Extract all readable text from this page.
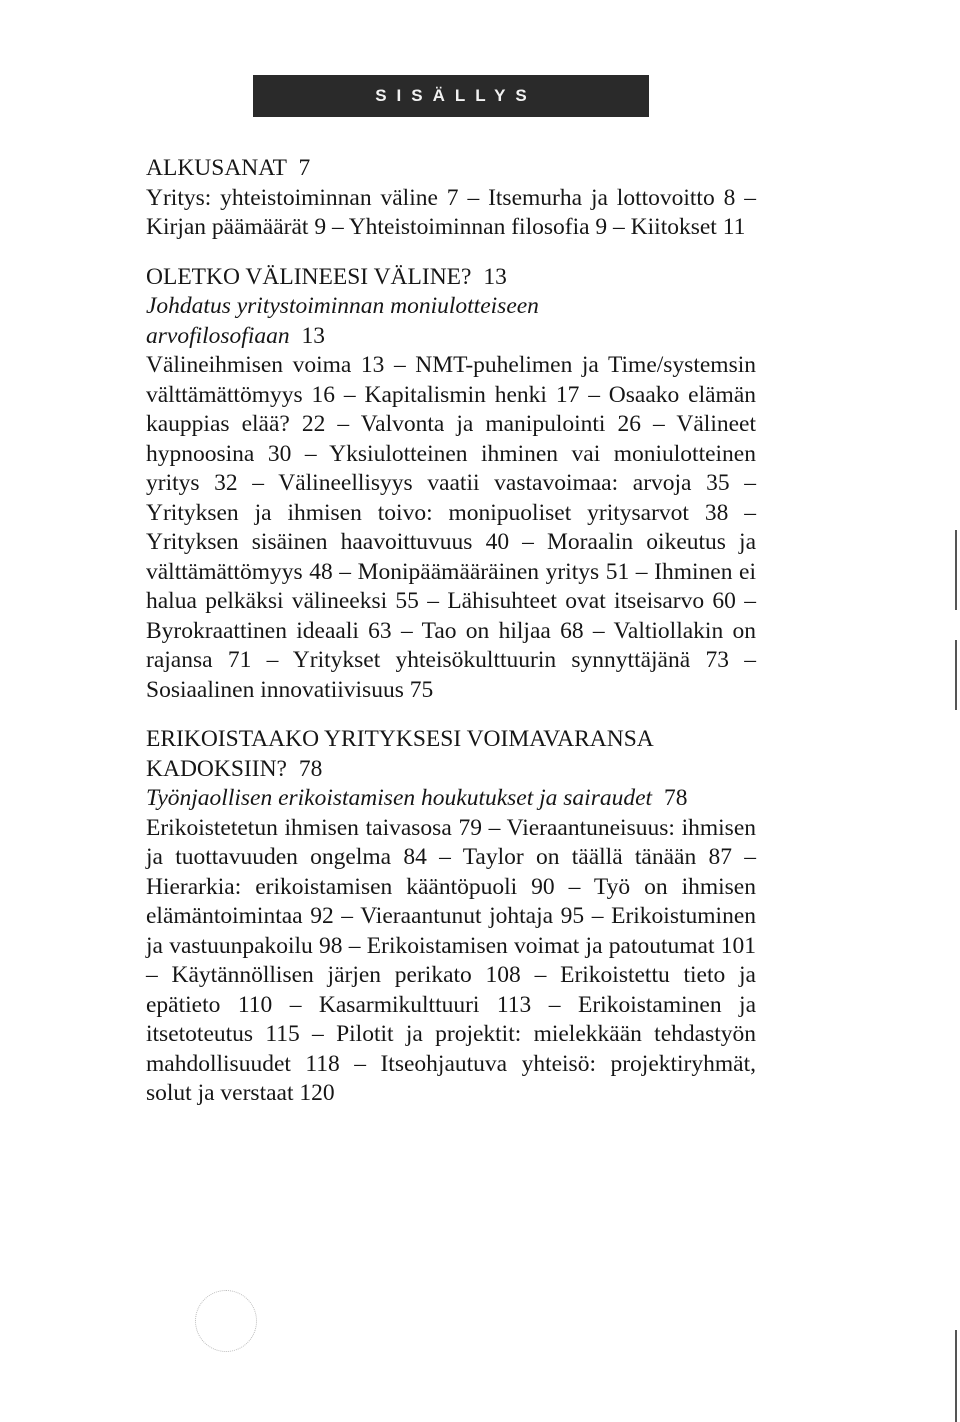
SISÄLLYS
ALKUSANAT 7
Yritys: yhteistoiminnan väline 7 – Itsemurha ja lottovoitto 8 – Kirjan päämäärät 9 – Yhteistoiminnan filosofia 9 – Kiitokset 11
OLETKO VÄLINEESI VÄLINE? 13
Johdatus yritystoiminnan moniulotteiseen arvofilosofiaan 13
Välineihmisen voima 13 – NMT-puhelimen ja Time/systemsin välttämättömyys 16 – Kapitalismin henki 17 – Osaako elämän kauppias elää? 22 – Valvonta ja manipulointi 26 – Välineet hypnoosina 30 – Yksiulotteinen ihminen vai moniulotteinen yritys 32 – Välineellisyys vaatii vastavoimaa: arvoja 35 – Yrityksen ja ihmisen toivo: monipuoliset yritysarvot 38 – Yrityksen sisäinen haavoittuvuus 40 – Moraalin oikeutus ja välttämättömyys 48 – Monipäämääräinen yritys 51 – Ihminen ei halua pelkäksi välineeksi 55 – Lähisuhteet ovat itseisarvo 60 – Byrokraattinen ideaali 63 – Tao on hiljaa 68 – Valtiollakin on rajansa 71 – Yritykset yhteisökulttuurin synnyttäjänä 73 – Sosiaalinen innovatiivisuus 75
ERIKOISTAAKO YRITYKSESI VOIMAVARANSA KADOKSIIN? 78
Työnjaollisen erikoistamisen houkutukset ja sairaudet 78
Erikoistetetun ihmisen taivasosa 79 – Vieraantuneisuus: ihmisen ja tuottavuuden ongelma 84 – Taylor on täällä tänään 87 – Hierarkia: erikoistamisen kääntöpuoli 90 – Työ on ihmisen elämäntoimintaa 92 – Vieraantunut johtaja 95 – Erikoistuminen ja vastuunpakoilu 98 – Erikoistamisen voimat ja patoutumat 101 – Käytännöllisen järjen perikato 108 – Erikoistettu tieto ja epätieto 110 – Kasarmikulttuuri 113 – Erikoistaminen ja itsetoteutus 115 – Pilotit ja projektit: mielekkään tehdastyön mahdollisuudet 118 – Itseohjautuva yhteisö: projektiryhmät, solut ja verstaat 120
